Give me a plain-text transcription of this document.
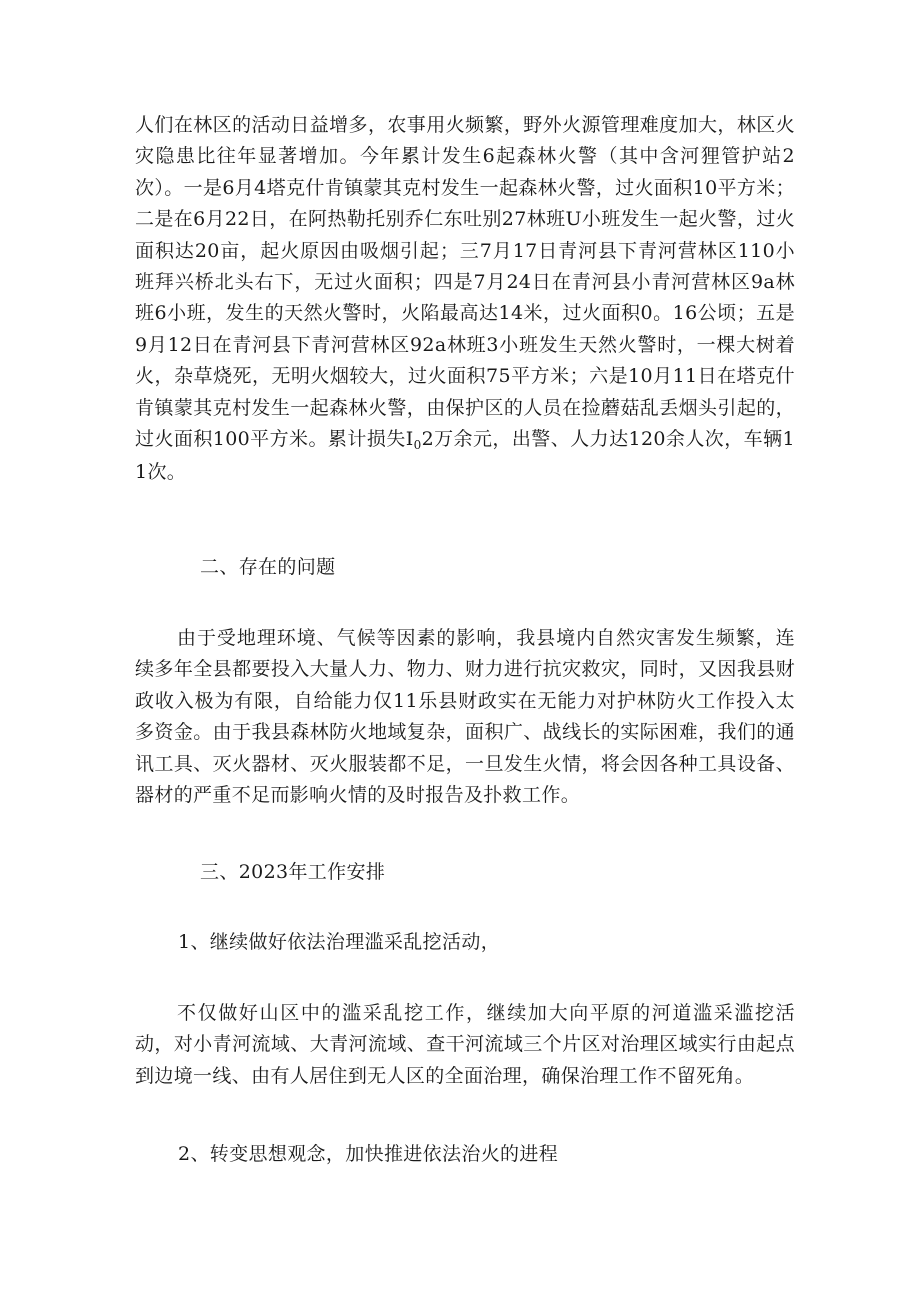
人们在林区的活动日益增多，农事用火频繁，野外火源管理难度加大，林区火灾隐患比往年显著增加。今年累计发生6起森林火警（其中含河狸管护站2次）。一是6月4塔克什肯镇蒙其克村发生一起森林火警，过火面积10平方米；二是在6月22日，在阿热勒托别乔仁东吐别27林班U小班发生一起火警，过火面积达20亩，起火原因由吸烟引起；三7月17日青河县下青河营林区110小班拜兴桥北头右下，无过火面积；四是7月24日在青河县小青河营林区9a林班6小班，发生的天然火警时，火陷最高达14米，过火面积0。16公顷；五是9月12日在青河县下青河营林区92a林班3小班发生天然火警时，一棵大树着火，杂草烧死，无明火烟较大，过火面积75平方米；六是10月11日在塔克什肯镇蒙其克村发生一起森林火警，由保护区的人员在捡蘑菇乱丢烟头引起的，过火面积100平方米。累计损失$I_02$万余元，出警、人力达120余人次，车辆11次。

二、存在的问题

由于受地理环境、气候等因素的影响，我县境内自然灾害发生频繁，连续多年全县都要投入大量人力、物力、财力进行抗灾救灾，同时，又因我县财政收入极为有限，自给能力仅11乐县财政实在无能力对护林防火工作投入太多资金。由于我县森林防火地域复杂，面积广、战线长的实际困难，我们的通讯工具、灭火器材、灭火服装都不足，一旦发生火情，将会因各种工具设备、器材的严重不足而影响火情的及时报告及扑救工作。

三、2023年工作安排

1、继续做好依法治理滥采乱挖活动，

不仅做好山区中的滥采乱挖工作，继续加大向平原的河道滥采滥挖活动，对小青河流域、大青河流域、查干河流域三个片区对治理区域实行由起点到边境一线、由有人居住到无人区的全面治理，确保治理工作不留死角。

2、转变思想观念，加快推进依法治火的进程
